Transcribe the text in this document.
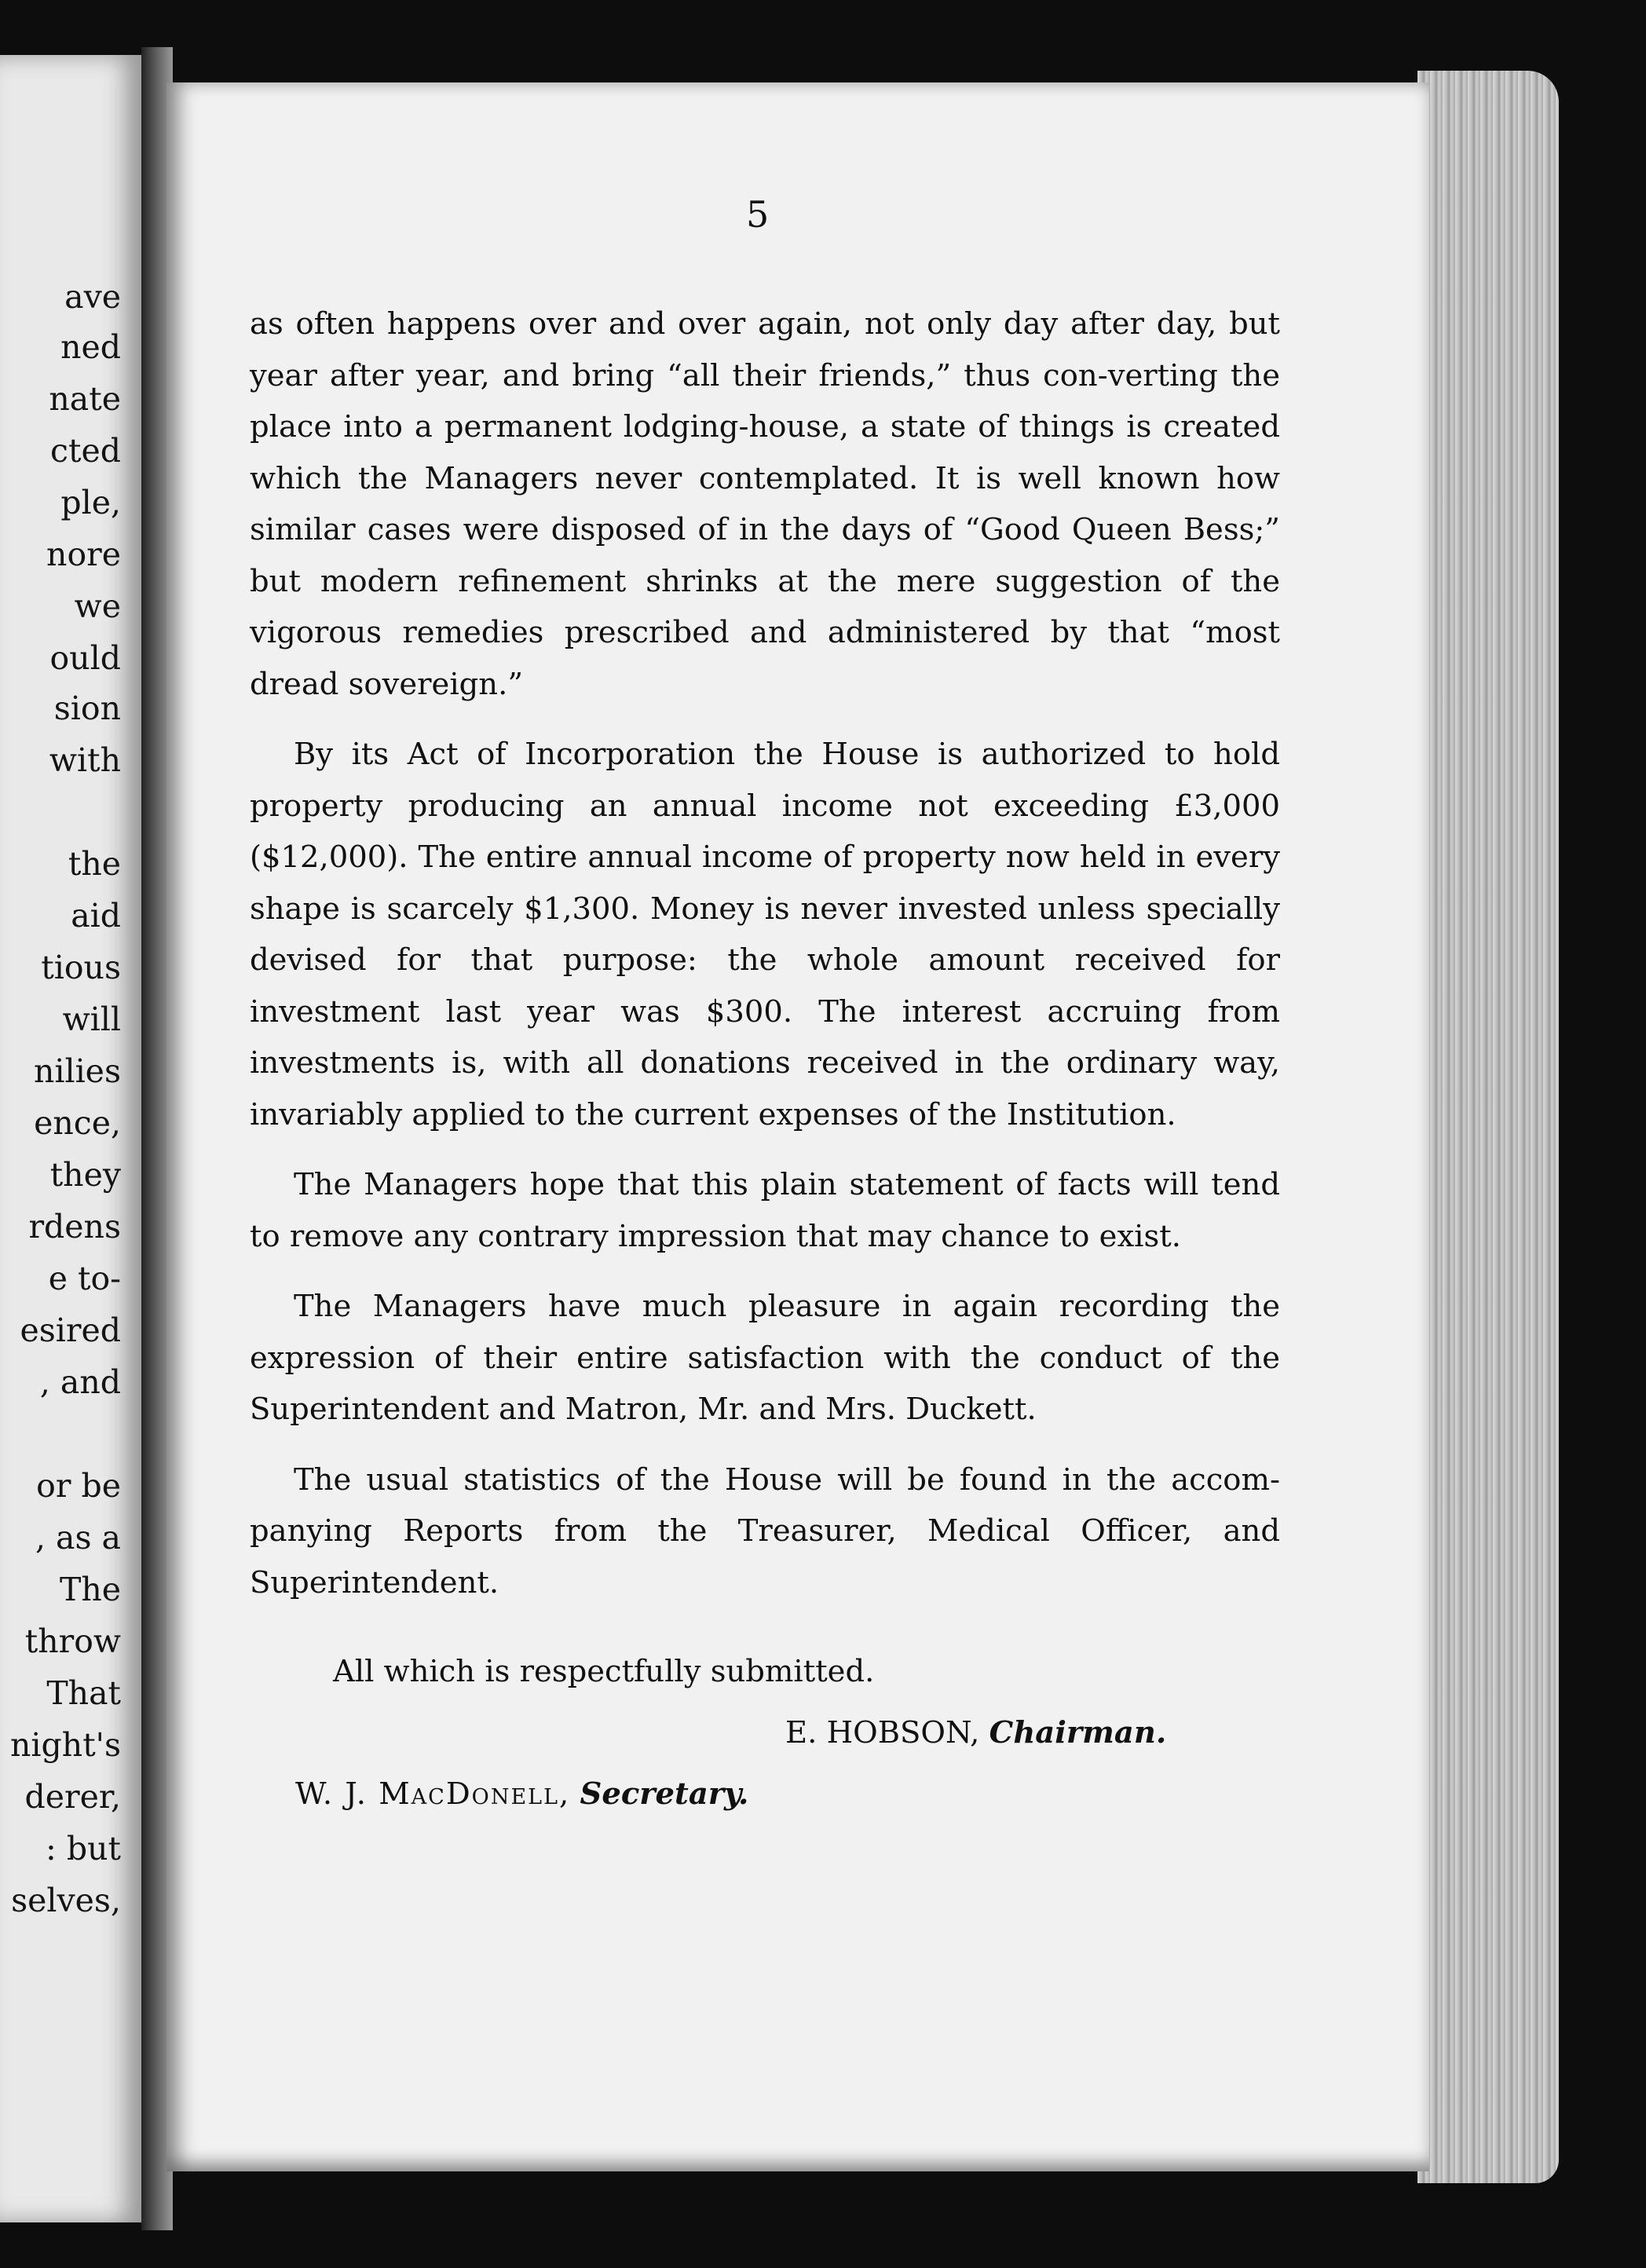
ave
ned
nate
cted
ple,
nore
we
ould
sion
with
the
aid
tious
will
nilies
ence,
they
rdens
e to-
esired
, and
or be
, as a
The
throw
That
night's
derer,
: but
selves,
5

as often happens over and over again, not only day after day, but year after year, and bring “all their friends,” thus con-verting the place into a permanent lodging-house, a state of things is created which the Managers never contemplated. It is well known how similar cases were disposed of in the days of “Good Queen Bess;” but modern refinement shrinks at the mere suggestion of the vigorous remedies prescribed and administered by that “most dread sovereign.”

By its Act of Incorporation the House is authorized to hold property producing an annual income not exceeding £3,000 ($12,000). The entire annual income of property now held in every shape is scarcely $1,300. Money is never invested unless specially devised for that purpose: the whole amount received for investment last year was $300. The interest accruing from investments is, with all donations received in the ordinary way, invariably applied to the current expenses of the Institution.

The Managers hope that this plain statement of facts will tend to remove any contrary impression that may chance to exist.

The Managers have much pleasure in again recording the expression of their entire satisfaction with the conduct of the Superintendent and Matron, Mr. and Mrs. Duckett.

The usual statistics of the House will be found in the accom-panying Reports from the Treasurer, Medical Officer, and Superintendent.

All which is respectfully submitted.
E. HOBSON, Chairman.
W. J. MacDonell, Secretary.
